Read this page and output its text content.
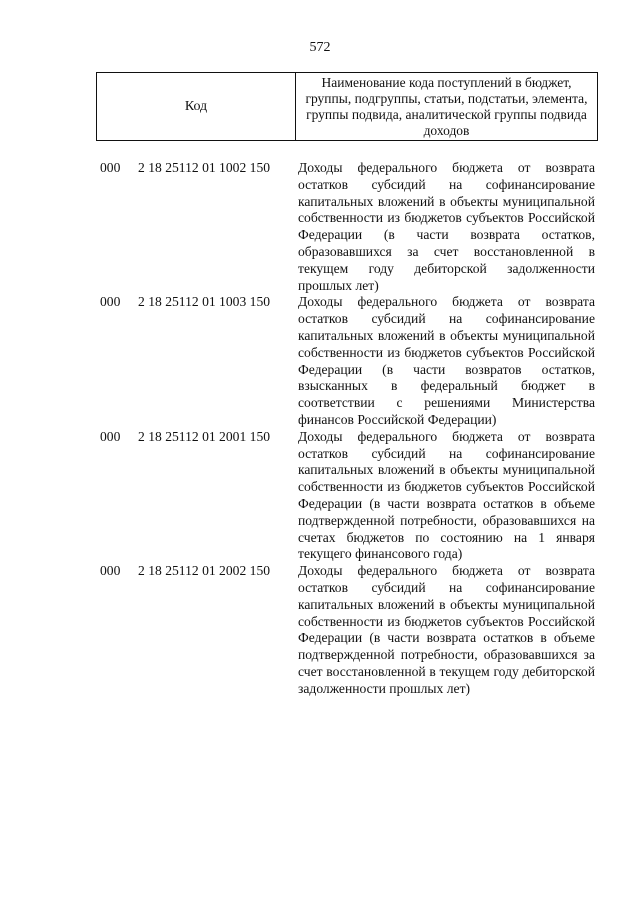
572
Код
Наименование кода поступлений в бюджет, группы, подгруппы, статьи, подстатьи, элемента, группы подвида, аналитической группы подвида доходов
000	2 18 25112 01 1002 150	Доходы федерального бюджета от возврата остатков субсидий на софинансирование капитальных вложений в объекты муниципальной собственности из бюджетов субъектов Российской Федерации (в части возврата остатков, образовавшихся за счет восстановленной в текущем году дебиторской задолженности прошлых лет)
000	2 18 25112 01 1003 150	Доходы федерального бюджета от возврата остатков субсидий на софинансирование капитальных вложений в объекты муниципальной собственности из бюджетов субъектов Российской Федерации (в части возвратов остатков, взысканных в федеральный бюджет в соответствии с решениями Министерства финансов Российской Федерации)
000	2 18 25112 01 2001 150	Доходы федерального бюджета от возврата остатков субсидий на софинансирование капитальных вложений в объекты муниципальной собственности из бюджетов субъектов Российской Федерации (в части возврата остатков в объеме подтвержденной потребности, образовавшихся на счетах бюджетов по состоянию на 1 января текущего финансового года)
000	2 18 25112 01 2002 150	Доходы федерального бюджета от возврата остатков субсидий на софинансирование капитальных вложений в объекты муниципальной собственности из бюджетов субъектов Российской Федерации (в части возврата остатков в объеме подтвержденной потребности, образовавшихся за счет восстановленной в текущем году дебиторской задолженности прошлых лет)
